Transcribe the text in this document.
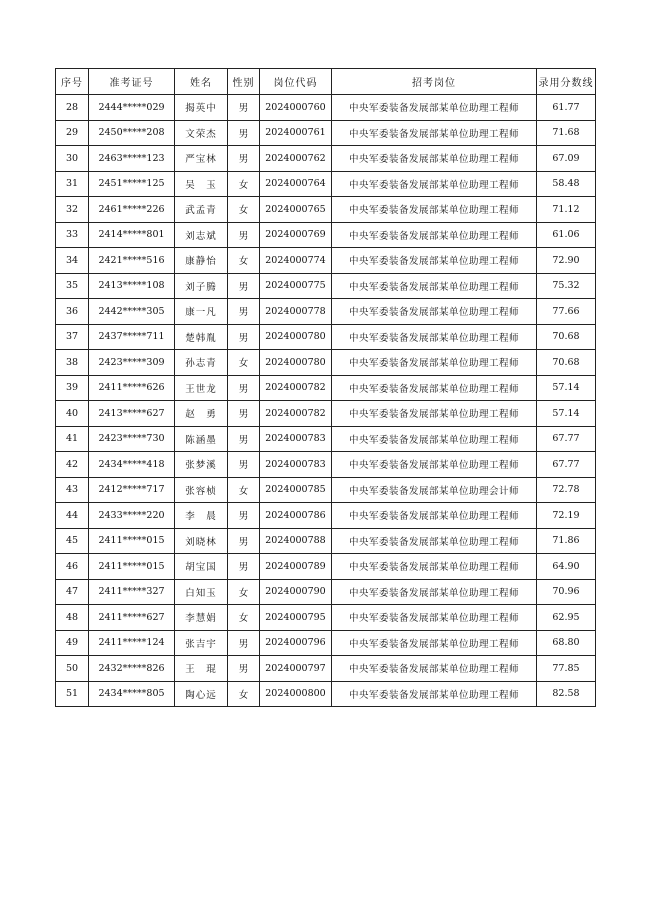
序号	准考证号	姓名	性别	岗位代码	招考岗位	录用分数线
28	2444*****029	揭英中	男	2024000760	中央军委装备发展部某单位助理工程师	61.77
29	2450*****208	文荣杰	男	2024000761	中央军委装备发展部某单位助理工程师	71.68
30	2463*****123	严宝林	男	2024000762	中央军委装备发展部某单位助理工程师	67.09
31	2451*****125	吴　玉	女	2024000764	中央军委装备发展部某单位助理工程师	58.48
32	2461*****226	武孟青	女	2024000765	中央军委装备发展部某单位助理工程师	71.12
33	2414*****801	刘志斌	男	2024000769	中央军委装备发展部某单位助理工程师	61.06
34	2421*****516	康静怡	女	2024000774	中央军委装备发展部某单位助理工程师	72.90
35	2413*****108	刘子腾	男	2024000775	中央军委装备发展部某单位助理工程师	75.32
36	2442*****305	康一凡	男	2024000778	中央军委装备发展部某单位助理工程师	77.66
37	2437*****711	楚韩胤	男	2024000780	中央军委装备发展部某单位助理工程师	70.68
38	2423*****309	孙志青	女	2024000780	中央军委装备发展部某单位助理工程师	70.68
39	2411*****626	王世龙	男	2024000782	中央军委装备发展部某单位助理工程师	57.14
40	2413*****627	赵　勇	男	2024000782	中央军委装备发展部某单位助理工程师	57.14
41	2423*****730	陈涵墨	男	2024000783	中央军委装备发展部某单位助理工程师	67.77
42	2434*****418	张梦溪	男	2024000783	中央军委装备发展部某单位助理工程师	67.77
43	2412*****717	张容桢	女	2024000785	中央军委装备发展部某单位助理会计师	72.78
44	2433*****220	李　晨	男	2024000786	中央军委装备发展部某单位助理工程师	72.19
45	2411*****015	刘晓林	男	2024000788	中央军委装备发展部某单位助理工程师	71.86
46	2411*****015	胡宝国	男	2024000789	中央军委装备发展部某单位助理工程师	64.90
47	2411*****327	白知玉	女	2024000790	中央军委装备发展部某单位助理工程师	70.96
48	2411*****627	李慧娟	女	2024000795	中央军委装备发展部某单位助理工程师	62.95
49	2411*****124	张吉宇	男	2024000796	中央军委装备发展部某单位助理工程师	68.80
50	2432*****826	王　琨	男	2024000797	中央军委装备发展部某单位助理工程师	77.85
51	2434*****805	陶心远	女	2024000800	中央军委装备发展部某单位助理工程师	82.58
